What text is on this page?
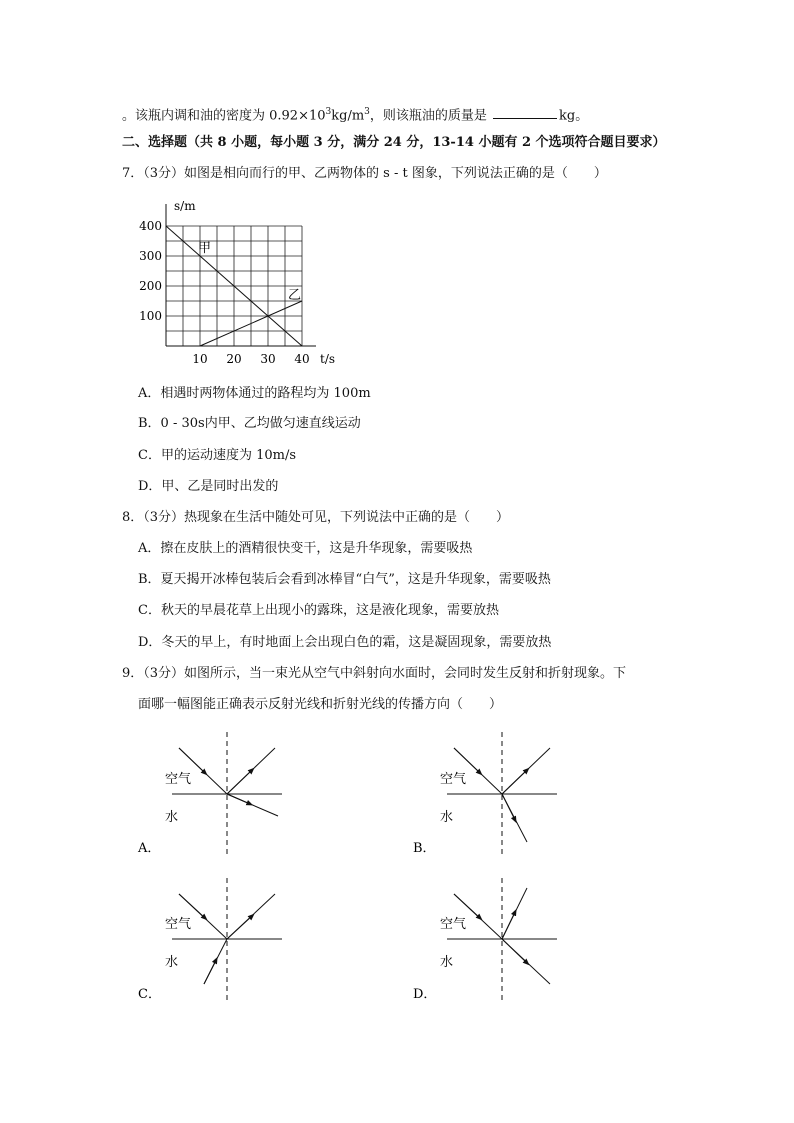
。该瓶内调和油的密度为 $0.92\times 10^3kg/m^3$，则该瓶油的质量是	kg。
二、选择题（共 8 小题，每小题 3 分，满分 24 分，13-14 小题有 2 个选项符合题目要求）
7．（3分）如图是相向而行的甲、乙两物体的 s - t 图象，下列说法正确的是（　　）
100
200
300
400
10 20 30 40
s/m
t/s
甲
乙
A．相遇时两物体通过的路程均为 100m
B．0 - 30s内甲、乙均做匀速直线运动
C．甲的运动速度为 10m/s
D．甲、乙是同时出发的
8．（3分）热现象在生活中随处可见，下列说法中正确的是（　　）
A．擦在皮肤上的酒精很快变干，这是升华现象，需要吸热
B．夏天揭开冰棒包装后会看到冰棒冒“白气”，这是升华现象，需要吸热
C．秋天的早晨花草上出现小的露珠，这是液化现象，需要放热
D．冬天的早上，有时地面上会出现白色的霜，这是凝固现象，需要放热
9．（3分）如图所示，当一束光从空气中斜射向水面时，会同时发生反射和折射现象。下
面哪一幅图能正确表示反射光线和折射光线的传播方向（　　）
空气
水
A．
空气
水
B．
空气
水
C．
空气
水
D．
